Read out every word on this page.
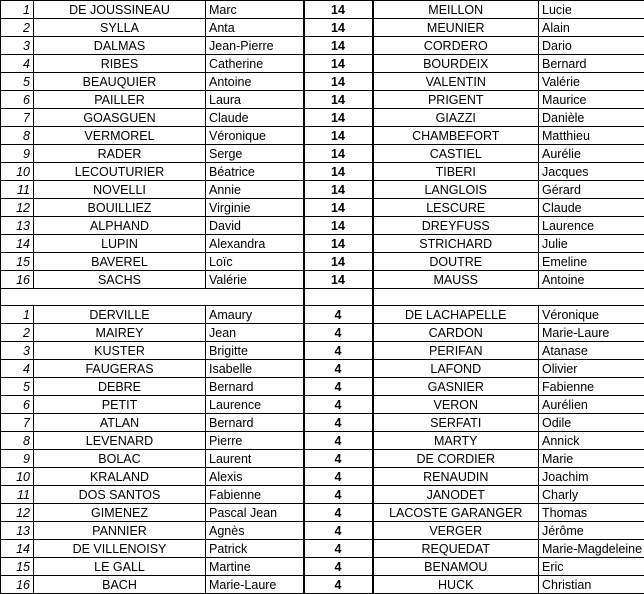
1	DE JOUSSINEAU	Marc	14	MEILLON	Lucie
2	SYLLA	Anta	14	MEUNIER	Alain
3	DALMAS	Jean-Pierre	14	CORDERO	Dario
4	RIBES	Catherine	14	BOURDEIX	Bernard
5	BEAUQUIER	Antoine	14	VALENTIN	Valérie
6	PAILLER	Laura	14	PRIGENT	Maurice
7	GOASGUEN	Claude	14	GIAZZI	Danièle
8	VERMOREL	Véronique	14	CHAMBEFORT	Matthieu
9	RADER	Serge	14	CASTIEL	Aurélie
10	LECOUTURIER	Béatrice	14	TIBERI	Jacques
11	NOVELLI	Annie	14	LANGLOIS	Gérard
12	BOUILLIEZ	Virginie	14	LESCURE	Claude
13	ALPHAND	David	14	DREYFUSS	Laurence
14	LUPIN	Alexandra	14	STRICHARD	Julie
15	BAVEREL	Loïc	14	DOUTRE	Emeline
16	SACHS	Valérie	14	MAUSS	Antoine

1	DERVILLE	Amaury	4	DE LACHAPELLE	Véronique
2	MAIREY	Jean	4	CARDON	Marie-Laure
3	KUSTER	Brigitte	4	PERIFAN	Atanase
4	FAUGERAS	Isabelle	4	LAFOND	Olivier
5	DEBRE	Bernard	4	GASNIER	Fabienne
6	PETIT	Laurence	4	VERON	Aurélien
7	ATLAN	Bernard	4	SERFATI	Odile
8	LEVENARD	Pierre	4	MARTY	Annick
9	BOLAC	Laurent	4	DE CORDIER	Marie
10	KRALAND	Alexis	4	RENAUDIN	Joachim
11	DOS SANTOS	Fabienne	4	JANODET	Charly
12	GIMENEZ	Pascal Jean	4	LACOSTE GARANGER	Thomas
13	PANNIER	Agnès	4	VERGER	Jérôme
14	DE VILLENOISY	Patrick	4	REQUEDAT	Marie-Magdeleine
15	LE GALL	Martine	4	BENAMOU	Eric
16	BACH	Marie-Laure	4	HUCK	Christian
